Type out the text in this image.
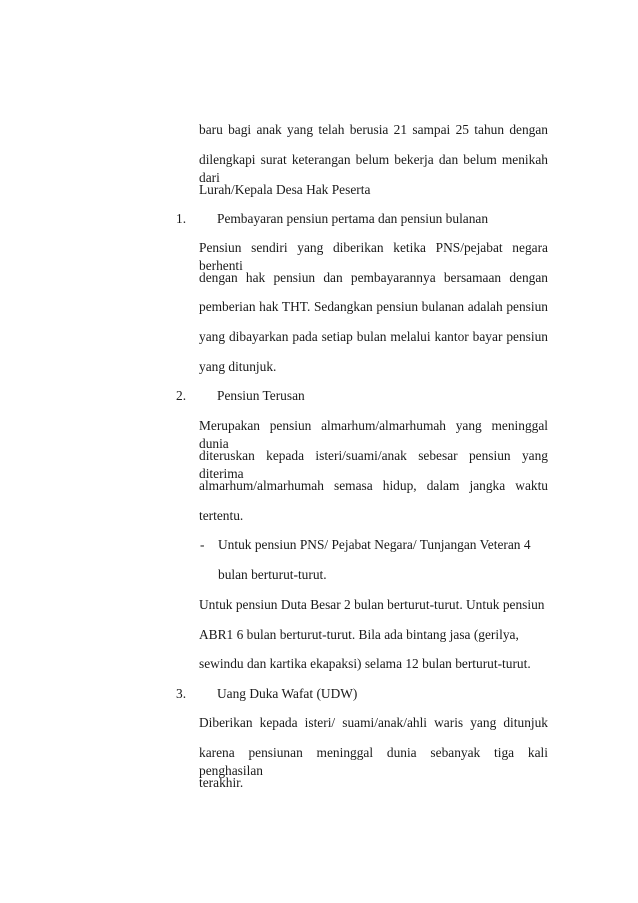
baru bagi anak yang telah berusia 21 sampai 25 tahun dengan
dilengkapi surat keterangan belum bekerja dan belum menikah dari
Lurah/Kepala Desa Hak Peserta
1. Pembayaran pensiun pertama dan pensiun bulanan
Pensiun sendiri yang diberikan ketika PNS/pejabat negara berhenti
dengan hak pensiun dan pembayarannya bersamaan dengan
pemberian hak THT. Sedangkan pensiun bulanan adalah pensiun
yang dibayarkan pada setiap bulan melalui kantor bayar pensiun
yang ditunjuk.
2. Pensiun Terusan
Merupakan pensiun almarhum/almarhumah yang meninggal dunia
diteruskan kepada isteri/suami/anak sebesar pensiun yang diterima
almarhum/almarhumah semasa hidup, dalam jangka waktu
tertentu.
- Untuk pensiun PNS/ Pejabat Negara/ Tunjangan Veteran 4
bulan berturut-turut.
Untuk pensiun Duta Besar 2 bulan berturut-turut. Untuk pensiun
ABR1 6 bulan berturut-turut. Bila ada bintang jasa (gerilya,
sewindu dan kartika ekapaksi) selama 12 bulan berturut-turut.
3. Uang Duka Wafat (UDW)
Diberikan kepada isteri/ suami/anak/ahli waris yang ditunjuk
karena pensiunan meninggal dunia sebanyak tiga kali penghasilan
terakhir.
